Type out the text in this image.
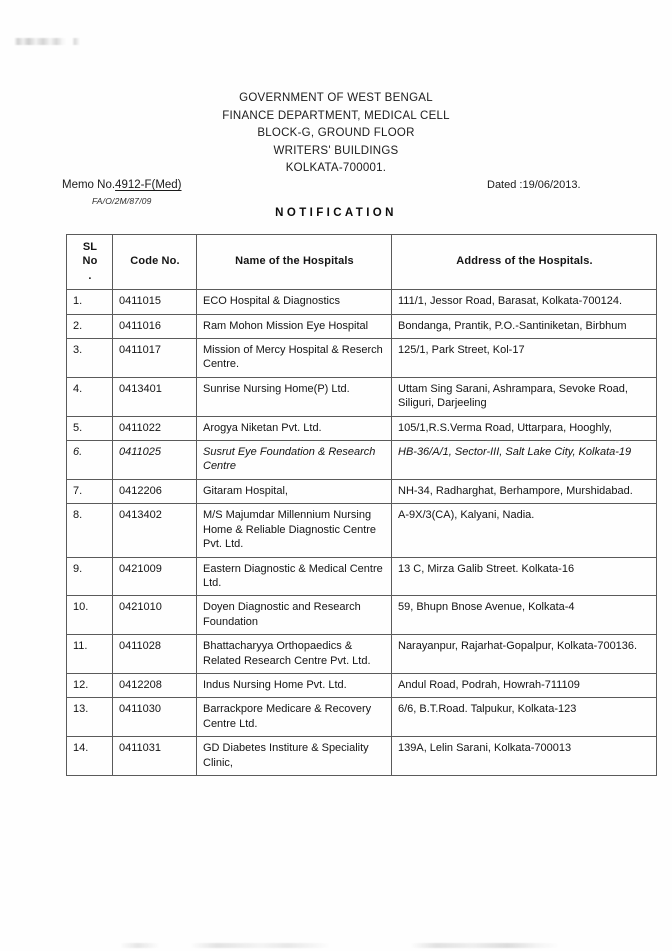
GOVERNMENT OF WEST BENGAL
FINANCE DEPARTMENT, MEDICAL CELL
BLOCK-G, GROUND FLOOR
WRITERS' BUILDINGS
KOLKATA-700001.
Memo No.4912-F(Med)
FA/O/2M/87/09
Dated :19/06/2013.
NOTIFICATION
SL
No
.	Code No.	Name of the Hospitals	Address of the Hospitals.
1.	0411015	ECO Hospital & Diagnostics	111/1, Jessor Road, Barasat, Kolkata-700124.
2.	0411016	Ram Mohon Mission Eye Hospital	Bondanga, Prantik, P.O.-Santiniketan, Birbhum
3.	0411017	Mission of Mercy Hospital & Reserch Centre.	125/1, Park Street, Kol-17
4.	0413401	Sunrise Nursing Home(P) Ltd.	Uttam Sing Sarani, Ashrampara, Sevoke Road, Siliguri, Darjeeling
5.	0411022	Arogya Niketan Pvt. Ltd.	105/1,R.S.Verma Road, Uttarpara, Hooghly,
6.	0411025	Susrut Eye Foundation & Research Centre	HB-36/A/1, Sector-III, Salt Lake City, Kolkata-19
7.	0412206	Gitaram Hospital,	NH-34, Radharghat, Berhampore, Murshidabad.
8.	0413402	M/S Majumdar Millennium Nursing Home & Reliable Diagnostic Centre Pvt. Ltd.	A-9X/3(CA), Kalyani, Nadia.
9.	0421009	Eastern Diagnostic & Medical Centre Ltd.	13 C, Mirza Galib Street. Kolkata-16
10.	0421010	Doyen Diagnostic and Research Foundation	59, Bhupn Bnose Avenue, Kolkata-4
11.	0411028	Bhattacharyya Orthopaedics & Related Research Centre Pvt. Ltd.	Narayanpur, Rajarhat-Gopalpur, Kolkata-700136.
12.	0412208	Indus Nursing Home Pvt. Ltd.	Andul Road, Podrah, Howrah-711109
13.	0411030	Barrackpore Medicare & Recovery Centre Ltd.	6/6, B.T.Road. Talpukur, Kolkata-123
14.	0411031	GD Diabetes Institure & Speciality Clinic,	139A, Lelin Sarani, Kolkata-700013
